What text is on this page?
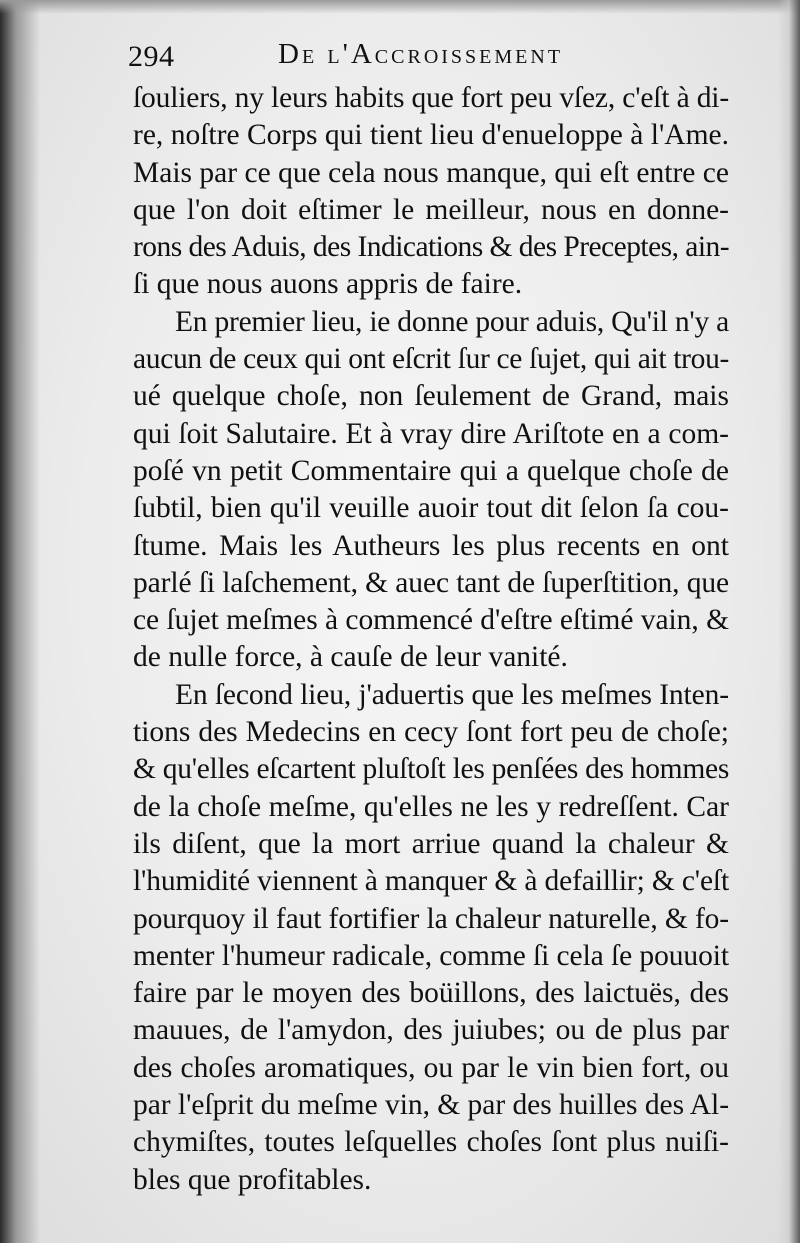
294	De l'Accroissement
ſouliers, ny leurs habits que fort peu vſez, c'eſt à di-
re, noſtre Corps qui tient lieu d'enueloppe à l'Ame.
Mais par ce que cela nous manque, qui eſt entre ce
que l'on doit eſtimer le meilleur, nous en donne-
rons des Aduis, des Indications & des Preceptes, ain-
ſi que nous auons appris de faire.
En premier lieu, ie donne pour aduis, Qu'il n'y a
aucun de ceux qui ont eſcrit ſur ce ſujet, qui ait trou-
ué quelque choſe, non ſeulement de Grand, mais
qui ſoit Salutaire. Et à vray dire Ariſtote en a com-
poſé vn petit Commentaire qui a quelque choſe de
ſubtil, bien qu'il veuille auoir tout dit ſelon ſa cou-
ſtume. Mais les Autheurs les plus recents en ont
parlé ſi laſchement, & auec tant de ſuperſtition, que
ce ſujet meſmes à commencé d'eſtre eſtimé vain, &
de nulle force, à cauſe de leur vanité.
En ſecond lieu, j'aduertis que les meſmes Inten-
tions des Medecins en cecy ſont fort peu de choſe;
& qu'elles eſcartent pluſtoſt les penſées des hommes
de la choſe meſme, qu'elles ne les y redreſſent. Car
ils diſent, que la mort arriue quand la chaleur &
l'humidité viennent à manquer & à defaillir; & c'eſt
pourquoy il faut fortifier la chaleur naturelle, & fo-
menter l'humeur radicale, comme ſi cela ſe pouuoit
faire par le moyen des boüillons, des laictuës, des
mauues, de l'amydon, des juiubes; ou de plus par
des choſes aromatiques, ou par le vin bien fort, ou
par l'eſprit du meſme vin, & par des huilles des Al-
chymiſtes, toutes leſquelles choſes ſont plus nuiſi-
bles que profitables.
